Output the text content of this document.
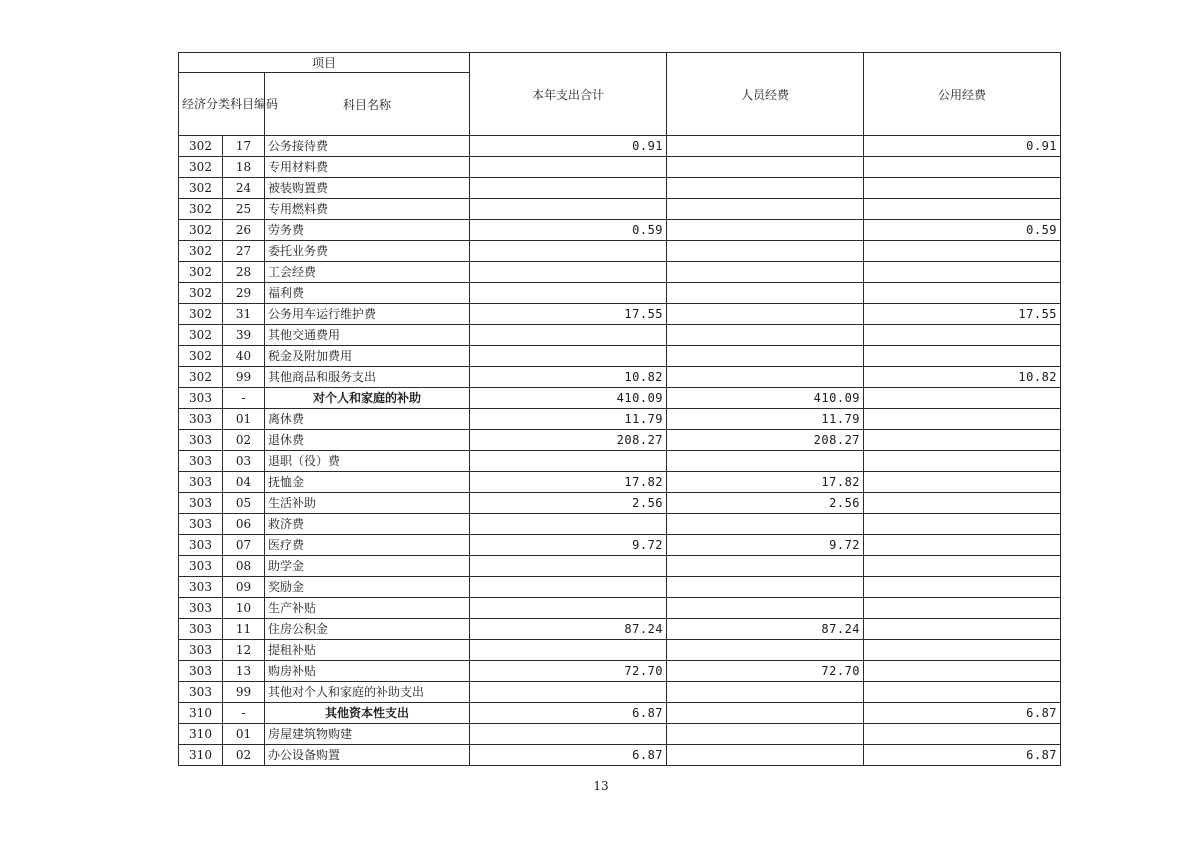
项目			本年支出合计	人员经费	公用经费
经济分类科目编码		科目名称			
302	17	公务接待费	0.91		0.91
302	18	专用材料费			
302	24	被装购置费			
302	25	专用燃料费			
302	26	劳务费	0.59		0.59
302	27	委托业务费			
302	28	工会经费			
302	29	福利费			
302	31	公务用车运行维护费	17.55		17.55
302	39	其他交通费用			
302	40	税金及附加费用			
302	99	其他商品和服务支出	10.82		10.82
303	-	对个人和家庭的补助	410.09	410.09	
303	01	离休费	11.79	11.79	
303	02	退休费	208.27	208.27	
303	03	退职（役）费			
303	04	抚恤金	17.82	17.82	
303	05	生活补助	2.56	2.56	
303	06	救济费			
303	07	医疗费	9.72	9.72	
303	08	助学金			
303	09	奖励金			
303	10	生产补贴			
303	11	住房公积金	87.24	87.24	
303	12	提租补贴			
303	13	购房补贴	72.70	72.70	
303	99	其他对个人和家庭的补助支出			
310	-	其他资本性支出	6.87		6.87
310	01	房屋建筑物购建			
310	02	办公设备购置	6.87		6.87
13
